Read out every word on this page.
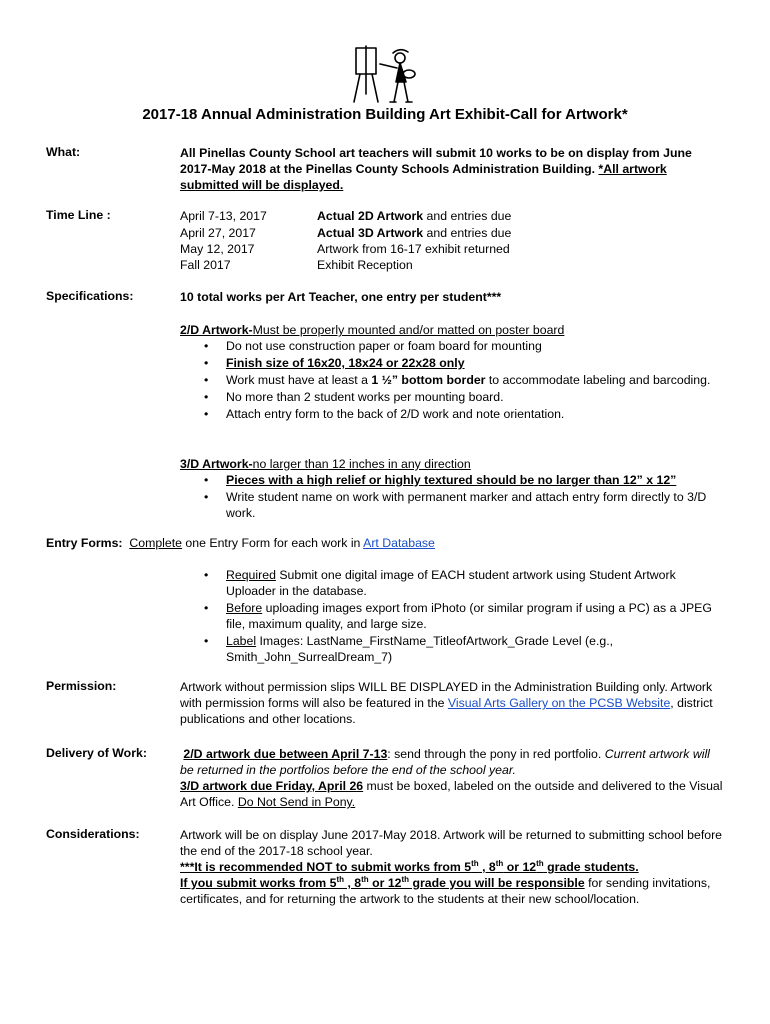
2017-18 Annual Administration Building Art Exhibit-Call for Artwork*
What:	All Pinellas County School art teachers will submit 10 works to be on display from June 2017-May 2018 at the Pinellas County Schools Administration Building. *All artwork submitted will be displayed.
Time Line :	April 7-13, 2017	Actual 2D Artwork and entries due
April 27, 2017	Actual 3D Artwork and entries due
May 12, 2017	Artwork from 16-17 exhibit returned
Fall 2017	Exhibit Reception
Specifications:	10 total works per Art Teacher, one entry per student***
2/D Artwork-Must be properly mounted and/or matted on poster board
• Do not use construction paper or foam board for mounting
• Finish size of 16x20, 18x24 or 22x28 only
• Work must have at least a 1 ½” bottom border to accommodate labeling and barcoding.
• No more than 2 student works per mounting board.
• Attach entry form to the back of 2/D work and note orientation.
3/D Artwork-no larger than 12 inches in any direction
• Pieces with a high relief or highly textured should be no larger than 12” x 12”
• Write student name on work with permanent marker and attach entry form directly to 3/D work.
Entry Forms: Complete one Entry Form for each work in Art Database
• Required Submit one digital image of EACH student artwork using Student Artwork Uploader in the database.
• Before uploading images export from iPhoto (or similar program if using a PC) as a JPEG file, maximum quality, and large size.
• Label Images: LastName_FirstName_TitleofArtwork_Grade Level (e.g., Smith_John_SurrealDream_7)
Permission:	Artwork without permission slips WILL BE DISPLAYED in the Administration Building only. Artwork with permission forms will also be featured in the Visual Arts Gallery on the PCSB Website, district publications and other locations.
Delivery of Work:	2/D artwork due between April 7-13: send through the pony in red portfolio. Current artwork will be returned in the portfolios before the end of the school year.
3/D artwork due Friday, April 26 must be boxed, labeled on the outside and delivered to the Visual Art Office. Do Not Send in Pony.
Considerations:	Artwork will be on display June 2017-May 2018. Artwork will be returned to submitting school before the end of the 2017-18 school year.
***It is recommended NOT to submit works from 5th , 8th or 12th grade students.
If you submit works from 5th , 8th or 12th grade you will be responsible for sending invitations, certificates, and for returning the artwork to the students at their new school/location.
